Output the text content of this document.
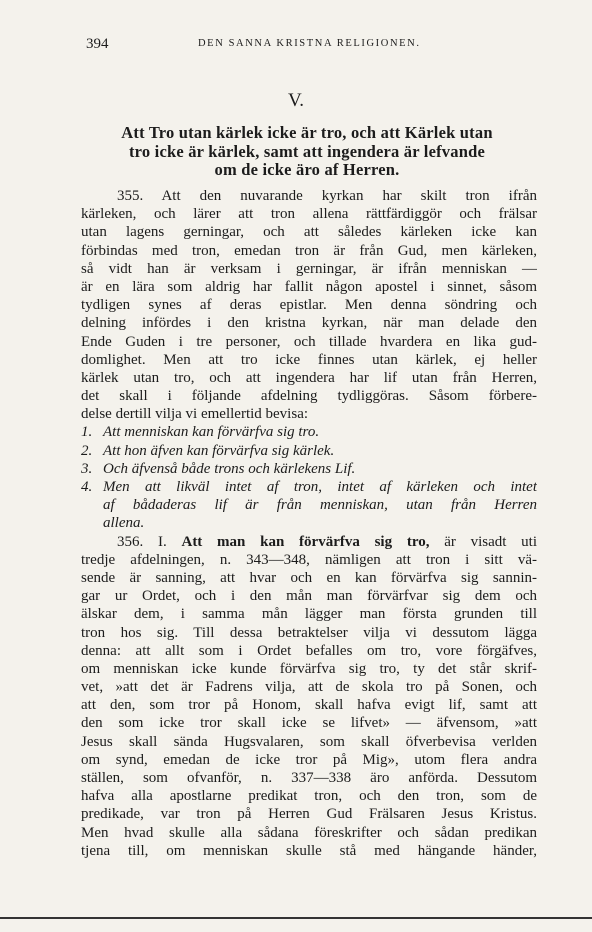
394	DEN SANNA KRISTNA RELIGIONEN.
V.
Att Tro utan kärlek icke är tro, och att Kärlek utan
tro icke är kärlek, samt att ingendera är lefvande
om de icke äro af Herren.
355. Att den nuvarande kyrkan har skilt tron ifrån
kärleken, och lärer att tron allena rättfärdiggör och frälsar
utan lagens gerningar, och att således kärleken icke kan
förbindas med tron, emedan tron är från Gud, men kärleken,
så vidt han är verksam i gerningar, är ifrån menniskan —
är en lära som aldrig har fallit någon apostel i sinnet, såsom
tydligen synes af deras epistlar. Men denna söndring och
delning infördes i den kristna kyrkan, när man delade den
Ende Guden i tre personer, och tillade hvardera en lika gud-
domlighet. Men att tro icke finnes utan kärlek, ej heller
kärlek utan tro, och att ingendera har lif utan från Herren,
det skall i följande afdelning tydliggöras. Såsom förbere-
delse dertill vilja vi emellertid bevisa:
1. Att menniskan kan förvärfva sig tro.
2. Att hon äfven kan förvärfva sig kärlek.
3. Och äfvenså både trons och kärlekens Lif.
4. Men att likväl intet af tron, intet af kärleken och intet
af bådaderas lif är från menniskan, utan från Herren
allena.
356. I. Att man kan förvärfva sig tro, är visadt uti
tredje afdelningen, n. 343—348, nämligen att tron i sitt vä-
sende är sanning, att hvar och en kan förvärfva sig sannin-
gar ur Ordet, och i den mån man förvärfvar sig dem och
älskar dem, i samma mån lägger man första grunden till
tron hos sig. Till dessa betraktelser vilja vi dessutom lägga
denna: att allt som i Ordet befalles om tro, vore förgäfves,
om menniskan icke kunde förvärfva sig tro, ty det står skrif-
vet, »att det är Fadrens vilja, att de skola tro på Sonen, och
att den, som tror på Honom, skall hafva evigt lif, samt att
den som icke tror skall icke se lifvet» — äfvensom, »att
Jesus skall sända Hugsvalaren, som skall öfverbevisa verlden
om synd, emedan de icke tror på Mig», utom flera andra
ställen, som ofvanför, n. 337—338 äro anförda. Dessutom
hafva alla apostlarne predikat tron, och den tron, som de
predikade, var tron på Herren Gud Frälsaren Jesus Kristus.
Men hvad skulle alla sådana föreskrifter och sådan predikan
tjena till, om menniskan skulle stå med hängande händer,
